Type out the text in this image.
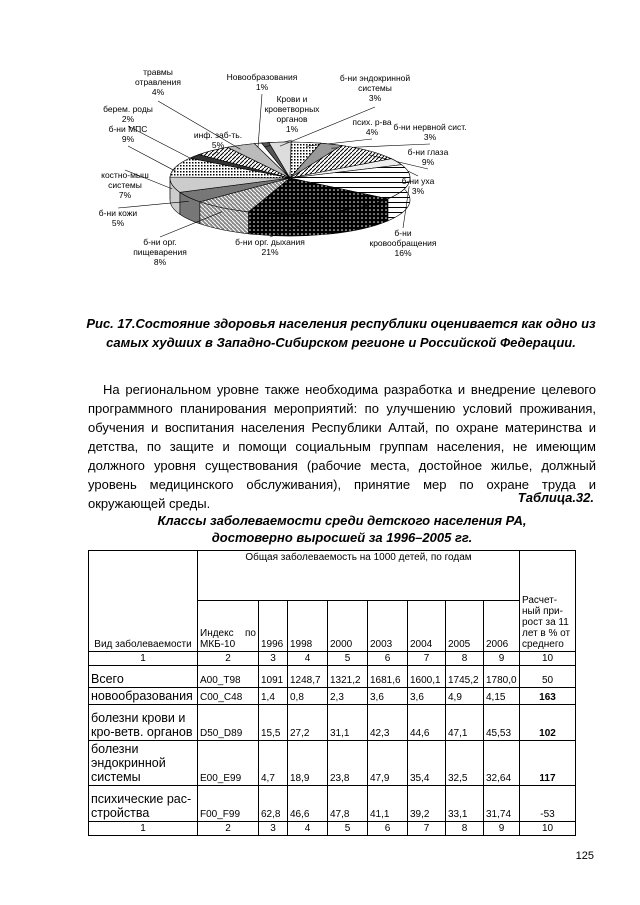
травмы отравления 4%
Новообразования 1%
Крови и кроветворных органов 1%
б-ни эндокринной системы 3%
псих. р-ва 4%	б-ни нервной сист. 3%
б-ни глаза 9%
б-ни уха 3%
б-ни кровообращения 16%
б-ни орг. дыхания 21%
б-ни орг. пищеварения 8%
б-ни кожи 5%
костно-мыш системы 7%
б-ни МПС 9%
берем. роды 2%
инф. заб-ть. 5%
Рис. 17.Состояние здоровья населения республики оценивается как одно из самых худших в Западно-Сибирском регионе и Российской Федерации.
На региональном уровне также необходима разработка и внедрение целевого программного планирования мероприятий: по улучшению условий проживания, обучения и воспитания населения Республики Алтай, по охране материнства и детства, по защите и помощи социальным группам населения, не имеющим должного уровня существования (рабочие места, достойное жилье, должный уровень медицинского обслуживания), принятие мер по охране труда и окружающей среды.	Таблица.32.
Классы заболеваемости среди детского населения РА,
достоверно выросшей за 1996–2005 гг.
Вид заболеваемости	Общая заболеваемость на 1000 детей, по годам								Расчет-ный при-рост за 11 лет в % от среднего
	Индекс по МКБ-10	1996	1998	2000	2003	2004	2005	2006	
1	2	3	4	5	6	7	8	9	10
Всего	A00_T98	1091	1248,7	1321,2	1681,6	1600,1	1745,2	1780,0	50
новообразования	C00_C48	1,4	0,8	2,3	3,6	3,6	4,9	4,15	163
болезни крови и кро-ветв. органов	D50_D89	15,5	27,2	31,1	42,3	44,6	47,1	45,53	102
болезни эндокринной системы	E00_E99	4,7	18,9	23,8	47,9	35,4	32,5	32,64	117
психические рас-стройства	F00_F99	62,8	46,6	47,8	41,1	39,2	33,1	31,74	-53
1	2	3	4	5	6	7	8	9	10
125
